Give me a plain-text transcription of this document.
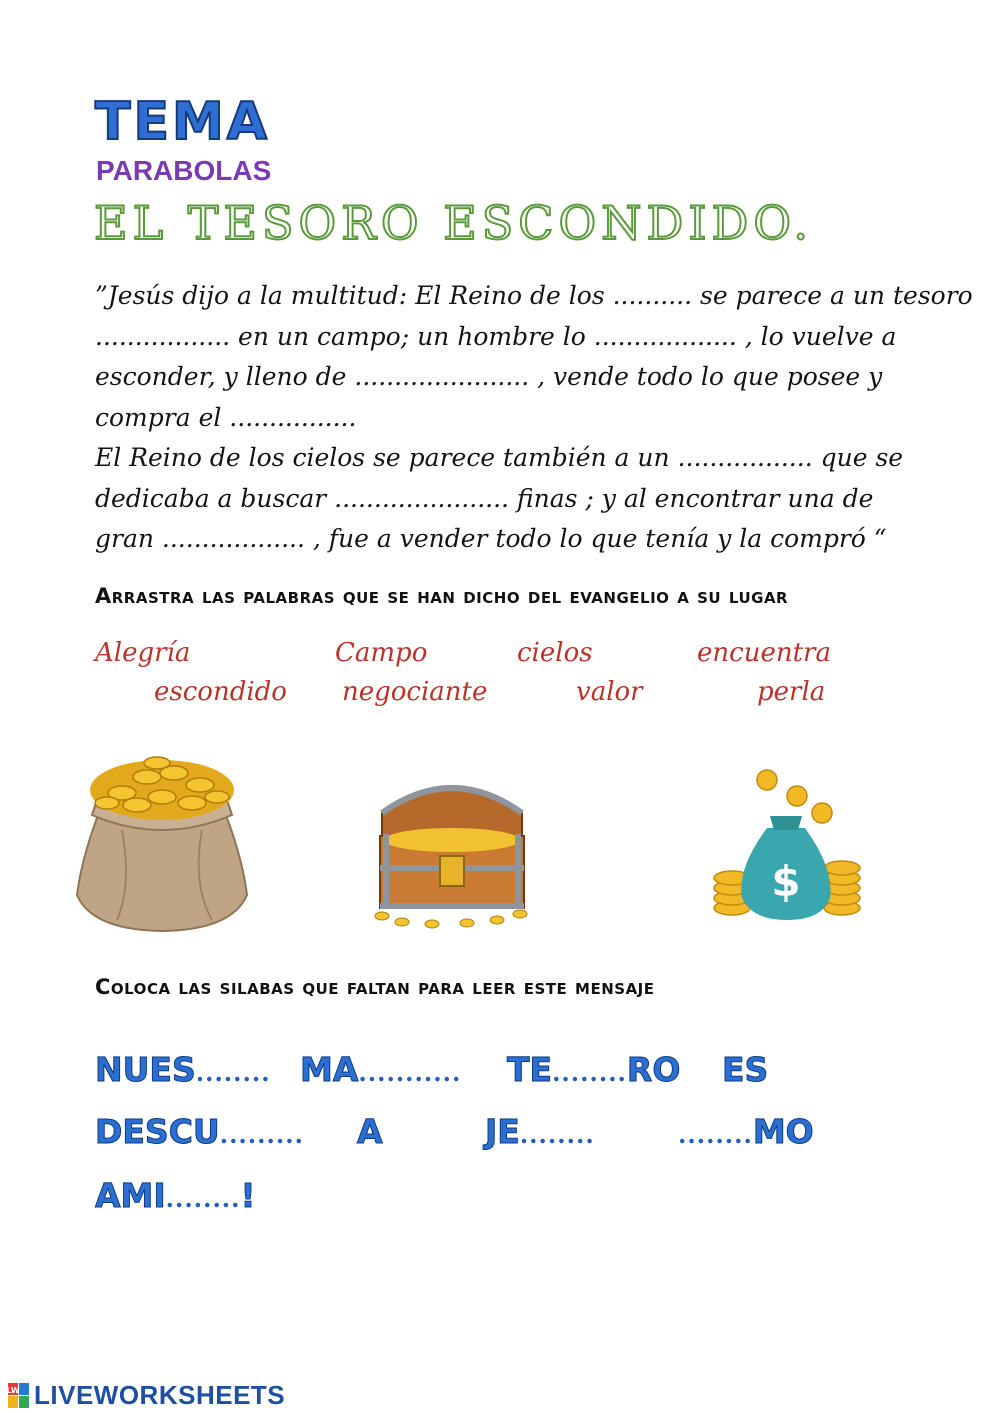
TEMA
PARABOLAS
EL TESORO ESCONDIDO.
”Jesús dijo a la multitud: El Reino de los .......... se parece a un tesoro
................. en un campo; un hombre lo .................. , lo vuelve a
esconder, y lleno de ...................... , vende todo lo que posee y
compra el ................
El Reino de los cielos se parece también a un ................. que se
dedicaba a buscar ...................... finas ; y al encontrar una de
gran .................. , fue a vender todo lo que tenía y la compró “
Arrastra las palabras que se han dicho del evangelio a su lugar
Alegría	Campo	cielos	encuentra
escondido negociante	valor	perla
$
Coloca las silabas que faltan para leer este mensaje
NUES........ MA........... TE........RO ES
DESCU......... A	JE........	........MO
AMI........!
LW LIVEWORKSHEETS
